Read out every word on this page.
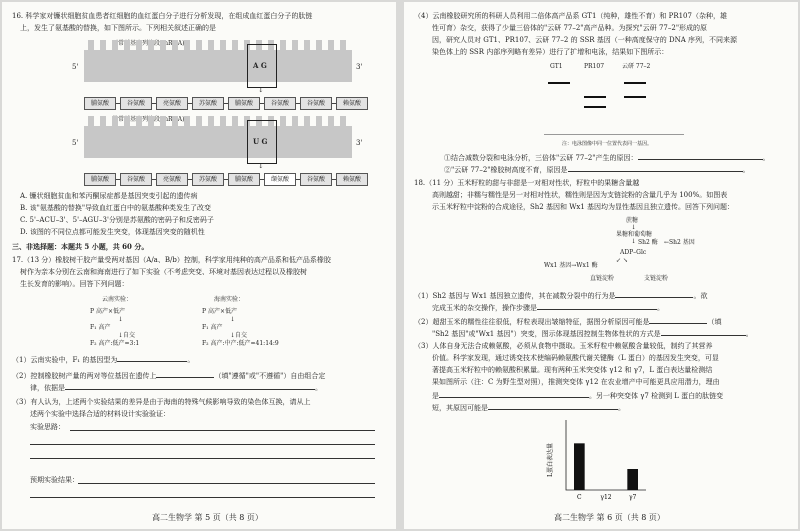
16. 科学家对镰状细胞贫血患者红细胞的血红蛋白分子进行分析发现，在组成血红蛋白分子的肽链
上，发生了氨基酸的替换，如下图所示。下列相关叙述正确的是
5'	3'
A G
↓
脯氨酸	谷氨酸	亮氨酸	苏氨酸	脯氨酸	谷氨酸	谷氨酸	赖氨酸
5'	3'
U G
↓
脯氨酸	谷氨酸	亮氨酸	苏氨酸	脯氨酸	缬氨酸	谷氨酸	赖氨酸
A. 镰状细胞贫血和苯丙酮尿症都是基因突变引起的遗传病
B. 该"氨基酸的替换"导致血红蛋白中的氨基酸种类发生了改变
C. 5'–ACU–3'、5'–AGU–3'分别是苏氨酸的密码子和反密码子
D. 该图的不同位点都可能发生突变，体现基因突变的随机性
三、非选择题：本题共 5 小题，共 60 分。
17.（13 分）橡胶树干胶产量受两对基因（A/a、B/b）控制，科学家用纯种的高产品系和低产品系橡胶
树作为亲本分别在云南和海南进行了如下实验（不考虑突变、环境对基因表达过程以及橡胶树
生长发育的影响）。回答下列问题：
云南实验：
P 高产×低产
↓
F₁ 高产
↓自交
F₂ 高产:低产=3:1
海南实验：
P 高产×低产
↓
F₁ 高产
↓自交
F₂ 高产:中产:低产=41:14:9
（1）云南实验中，F₁ 的基因型为	。
（2）控制橡胶树产量的两对等位基因在遗传上	（填"遵循"或"不遵循"）自由组合定
律，依据是	。
（3）有人认为，上述两个实验结果的差异是由于海南的特殊气候影响导致的染色体互换，请从上
述两个实验中选择合适的材料设计实验验证：
实验思路：
预期实验结果：
高二生物学 第 5 页（共 8 页）
（4）云南橡胶研究所的科研人员利用二倍体高产品系 GT1（纯种，雄性不育）和 PR107（杂种，雄
性可育）杂交，获得了少量三倍体的"云研 77–2"高产品种。为探究"云研 77–2"形成的原
因，研究人员对 GT1、PR107、云研 77–2 的 SSR 基因（一种高度保守的 DNA 序列，不同来源
染色体上的 SSR 内部序列略有差异）进行了扩增和电泳，结果如下图所示：
GT1	PR107	云研 77–2
注：电泳图像中同一位置代表同一基因。
①结合减数分裂和电泳分析，三倍体"云研 77–2"产生的原因：	。
②"云研 77–2"橡胶树高度不育，原因是	。
18.（11 分）玉米籽粒的甜与非甜是一对相对性状，籽粒中的果糖含量越
高则越甜；非糯与糯性是另一对相对性状，糯性则是因为支链淀粉的含量几乎为 100%。如图表
示玉米籽粒中淀粉的合成途径，Sh2 基因和 Wx1 基因均为显性基因且独立遗传。回答下列问题：
蔗糖
↓
果糖和葡萄糖
↓ Sh2 酶 ←Sh2 基因
ADP–Glc
↙ ↘
Wx1 基因→Wx1 酶
直链淀粉	支链淀粉
（1）Sh2 基因与 Wx1 基因独立遗传，其在减数分裂中的行为是	。欲
完成玉米的杂交操作，操作步骤是	。
（2）超甜玉米的糯性往往很低，籽粒表现出皱缩特征，据图分析原因可能是	（填
"Sh2 基因"或"Wx1 基因"）突变，图示体现基因控制生物体性状的方式是	。
（3）人体自身无法合成赖氨酸，必须从食物中摄取。玉米籽粒中赖氨酸含量较低，制约了其营养
价值。科学家发现，通过诱变技术使编码赖氨酸代谢关键酶（L 蛋白）的基因发生突变，可显
著提高玉米籽粒中的赖氨酸积累量。现有两种玉米突变体 γ12 和 γ7，L 蛋白表达量检测结
果如图所示（注：C 为野生型对照），推测突变体 γ12 在农业增产中可能更具应用潜力，理由
是	。另一种突变体 γ7 检测到 L 蛋白的肽链变
短，其原因可能是	。
L蛋白表达量
C	γ12	γ7
高二生物学 第 6 页（共 8 页）
